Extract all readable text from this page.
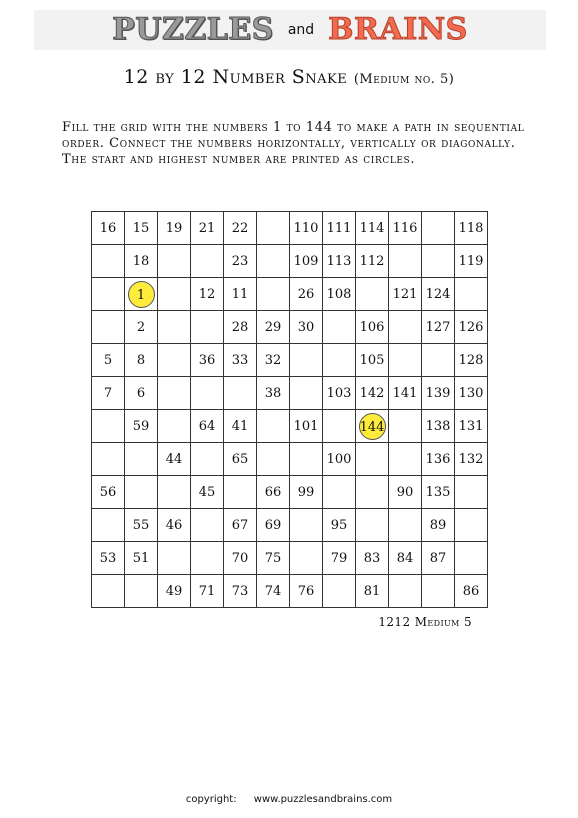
PUZZLES and BRAINS
12 by 12 Number Snake (Medium no. 5)

Fill the grid with the numbers 1 to 144 to make a path in sequential

order. Connect the numbers horizontally, vertically or diagonally.

The start and highest number are printed as circles.

16	15	19	21	22		110	111	114	116		118
	18			23		109	113	112			119
	1		12	11		26	108		121	124	
	2			28	29	30		106		127	126
5	8		36	33	32			105			128
7	6				38		103	142	141	139	130
	59		64	41		101		144		138	131
		44		65			100			136	132
56			45		66	99			90	135	
	55	46		67	69		95			89	
53	51			70	75		79	83	84	87	
		49	71	73	74	76		81			86
1212 Medium 5
copyright: www.puzzlesandbrains.com
